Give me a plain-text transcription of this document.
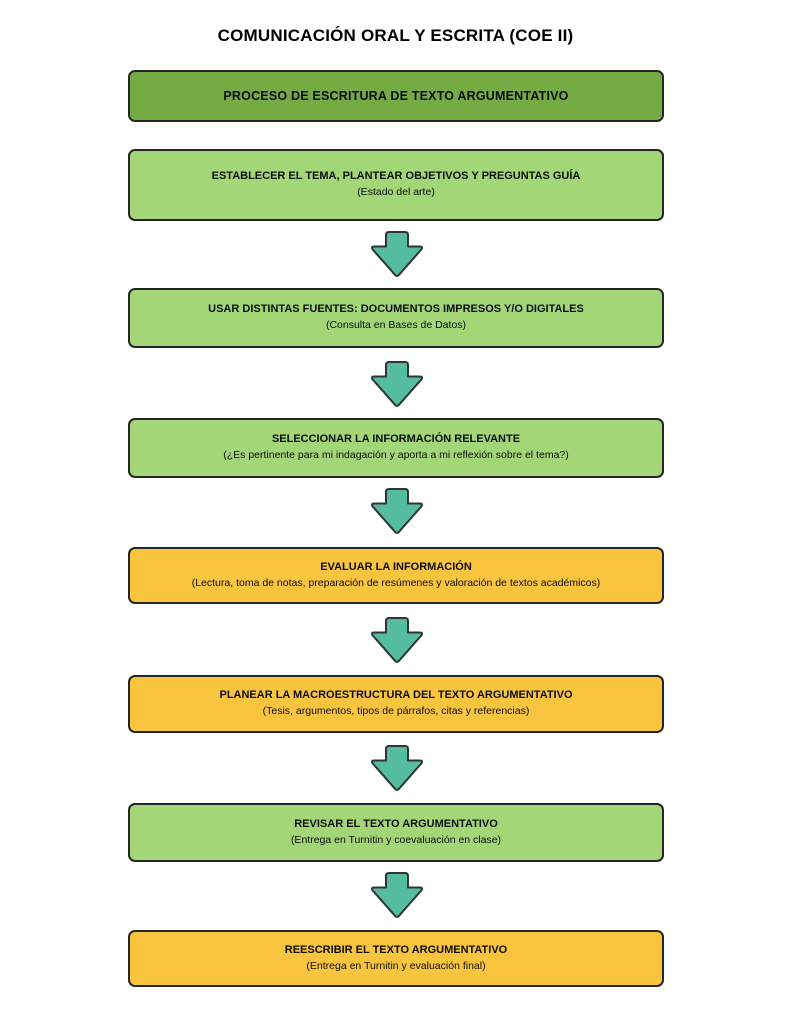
COMUNICACIÓN ORAL Y ESCRITA (COE II)
PROCESO DE ESCRITURA DE TEXTO ARGUMENTATIVO
ESTABLECER EL TEMA, PLANTEAR OBJETIVOS Y PREGUNTAS GUÍA
(Estado del arte)
USAR DISTINTAS FUENTES: DOCUMENTOS IMPRESOS Y/O DIGITALES
(Consulta en Bases de Datos)
SELECCIONAR LA INFORMACIÓN RELEVANTE
(¿Es pertinente para mi indagación y aporta a mi reflexión sobre el tema?)
EVALUAR LA INFORMACIÓN
(Lectura, toma de notas, preparación de resúmenes y valoración de textos académicos)
PLANEAR LA MACROESTRUCTURA DEL TEXTO ARGUMENTATIVO
(Tesis, argumentos, tipos de párrafos, citas y referencias)
REVISAR EL TEXTO ARGUMENTATIVO
(Entrega en Turnitin y coevaluación en clase)
REESCRIBIR EL TEXTO ARGUMENTATIVO
(Entrega en Turnitin y evaluación final)
